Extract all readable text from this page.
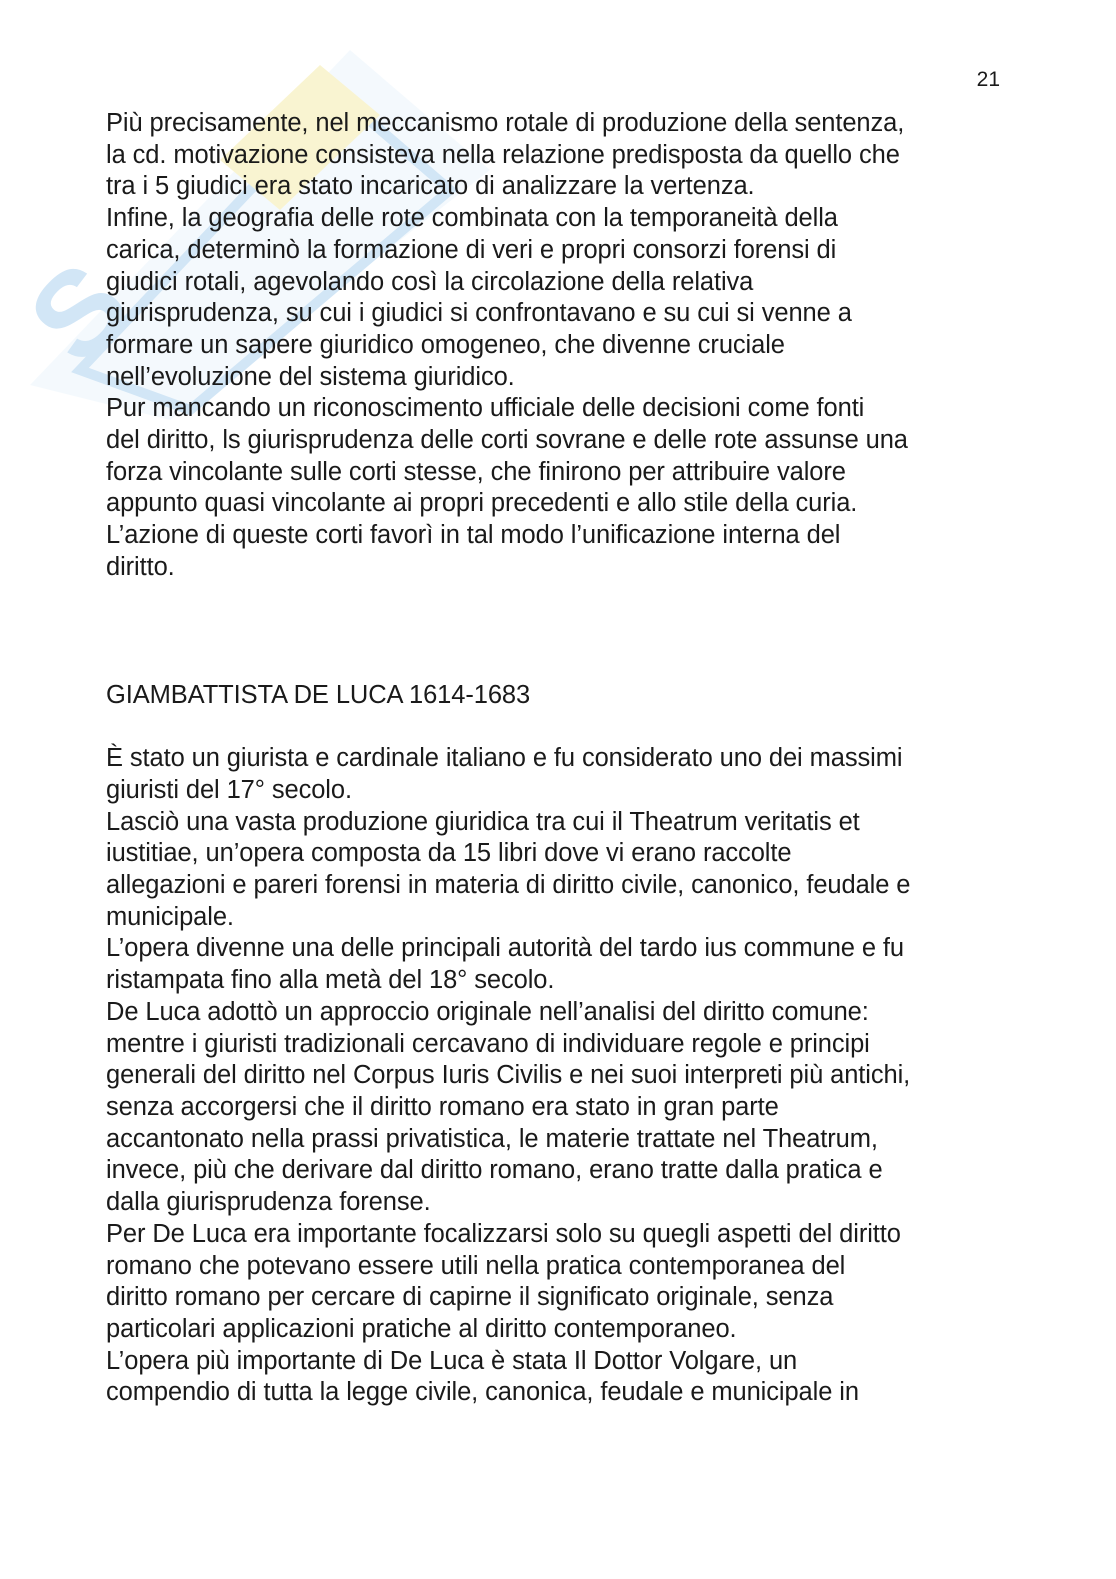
S
21

Più precisamente, nel meccanismo rotale di produzione della sentenza,
la cd. motivazione consisteva nella relazione predisposta da quello che
tra i 5 giudici era stato incaricato di analizzare la vertenza.

Infine, la geografia delle rote combinata con la temporaneità della
carica, determinò la formazione di veri e propri consorzi forensi di
giudici rotali, agevolando così la circolazione della relativa
giurisprudenza, su cui i giudici si confrontavano e su cui si venne a
formare un sapere giuridico omogeneo, che divenne cruciale
nell’evoluzione del sistema giuridico.

Pur mancando un riconoscimento ufficiale delle decisioni come fonti
del diritto, ls giurisprudenza delle corti sovrane e delle rote assunse una
forza vincolante sulle corti stesse, che finirono per attribuire valore
appunto quasi vincolante ai propri precedenti e allo stile della curia.

L’azione di queste corti favorì in tal modo l’unificazione interna del
diritto.

GIAMBATTISTA DE LUCA 1614-1683

È stato un giurista e cardinale italiano e fu considerato uno dei massimi
giuristi del 17° secolo.

Lasciò una vasta produzione giuridica tra cui il Theatrum veritatis et
iustitiae, un’opera composta da 15 libri dove vi erano raccolte
allegazioni e pareri forensi in materia di diritto civile, canonico, feudale e
municipale.

L’opera divenne una delle principali autorità del tardo ius commune e fu
ristampata fino alla metà del 18° secolo.

De Luca adottò un approccio originale nell’analisi del diritto comune:
mentre i giuristi tradizionali cercavano di individuare regole e principi
generali del diritto nel Corpus Iuris Civilis e nei suoi interpreti più antichi,
senza accorgersi che il diritto romano era stato in gran parte
accantonato nella prassi privatistica, le materie trattate nel Theatrum,
invece, più che derivare dal diritto romano, erano tratte dalla pratica e
dalla giurisprudenza forense.

Per De Luca era importante focalizzarsi solo su quegli aspetti del diritto
romano che potevano essere utili nella pratica contemporanea del
diritto romano per cercare di capirne il significato originale, senza
particolari applicazioni pratiche al diritto contemporaneo.

L’opera più importante di De Luca è stata Il Dottor Volgare, un
compendio di tutta la legge civile, canonica, feudale e municipale in
